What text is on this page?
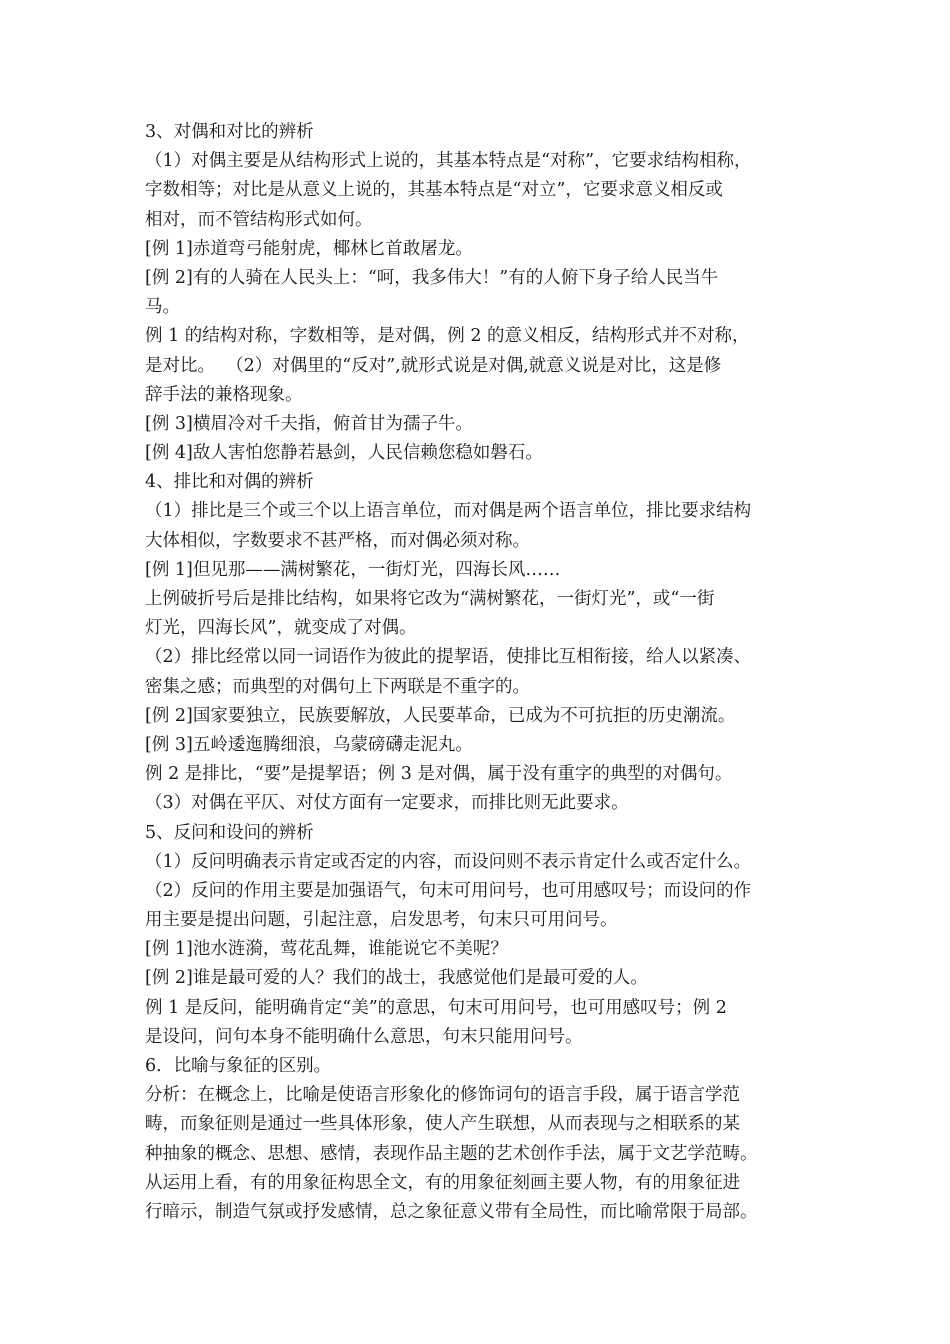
3、对偶和对比的辨析
（1）对偶主要是从结构形式上说的，其基本特点是“对称”，它要求结构相称，
字数相等；对比是从意义上说的，其基本特点是“对立”，它要求意义相反或
相对，而不管结构形式如何。
[例 1]赤道弯弓能射虎，椰林匕首敢屠龙。
[例 2]有的人骑在人民头上：“呵，我多伟大！”有的人俯下身子给人民当牛
马。
例 1 的结构对称，字数相等，是对偶，例 2 的意义相反，结构形式并不对称，
是对比。  （2）对偶里的“反对”,就形式说是对偶,就意义说是对比，这是修
辞手法的兼格现象。
[例 3]横眉冷对千夫指，俯首甘为孺子牛。
[例 4]敌人害怕您静若悬剑，人民信赖您稳如磐石。
4、排比和对偶的辨析
（1）排比是三个或三个以上语言单位，而对偶是两个语言单位，排比要求结构
大体相似，字数要求不甚严格，而对偶必须对称。
[例 1]但见那——满树繁花，一街灯光，四海长风……
上例破折号后是排比结构，如果将它改为“满树繁花，一街灯光”，或“一街
灯光，四海长风”，就变成了对偶。
（2）排比经常以同一词语作为彼此的提挈语，使排比互相衔接，给人以紧凑、
密集之感；而典型的对偶句上下两联是不重字的。
[例 2]国家要独立，民族要解放，人民要革命，已成为不可抗拒的历史潮流。
[例 3]五岭逶迤腾细浪，乌蒙磅礴走泥丸。
例 2 是排比，“要”是提挈语；例 3 是对偶，属于没有重字的典型的对偶句。
（3）对偶在平仄、对仗方面有一定要求，而排比则无此要求。
5、反问和设问的辨析
（1）反问明确表示肯定或否定的内容，而设问则不表示肯定什么或否定什么。
（2）反问的作用主要是加强语气，句末可用问号，也可用感叹号；而设问的作
用主要是提出问题，引起注意，启发思考，句末只可用问号。
[例 1]池水涟漪，莺花乱舞，谁能说它不美呢？
[例 2]谁是最可爱的人？我们的战士，我感觉他们是最可爱的人。
例 1 是反问，能明确肯定“美”的意思，句末可用问号，也可用感叹号；例 2
是设问，问句本身不能明确什么意思，句末只能用问号。
6．比喻与象征的区别。
分析：在概念上，比喻是使语言形象化的修饰词句的语言手段，属于语言学范
畴，而象征则是通过一些具体形象，使人产生联想，从而表现与之相联系的某
种抽象的概念、思想、感情，表现作品主题的艺术创作手法，属于文艺学范畴。
从运用上看，有的用象征构思全文，有的用象征刻画主要人物，有的用象征进
行暗示，制造气氛或抒发感情，总之象征意义带有全局性，而比喻常限于局部。
